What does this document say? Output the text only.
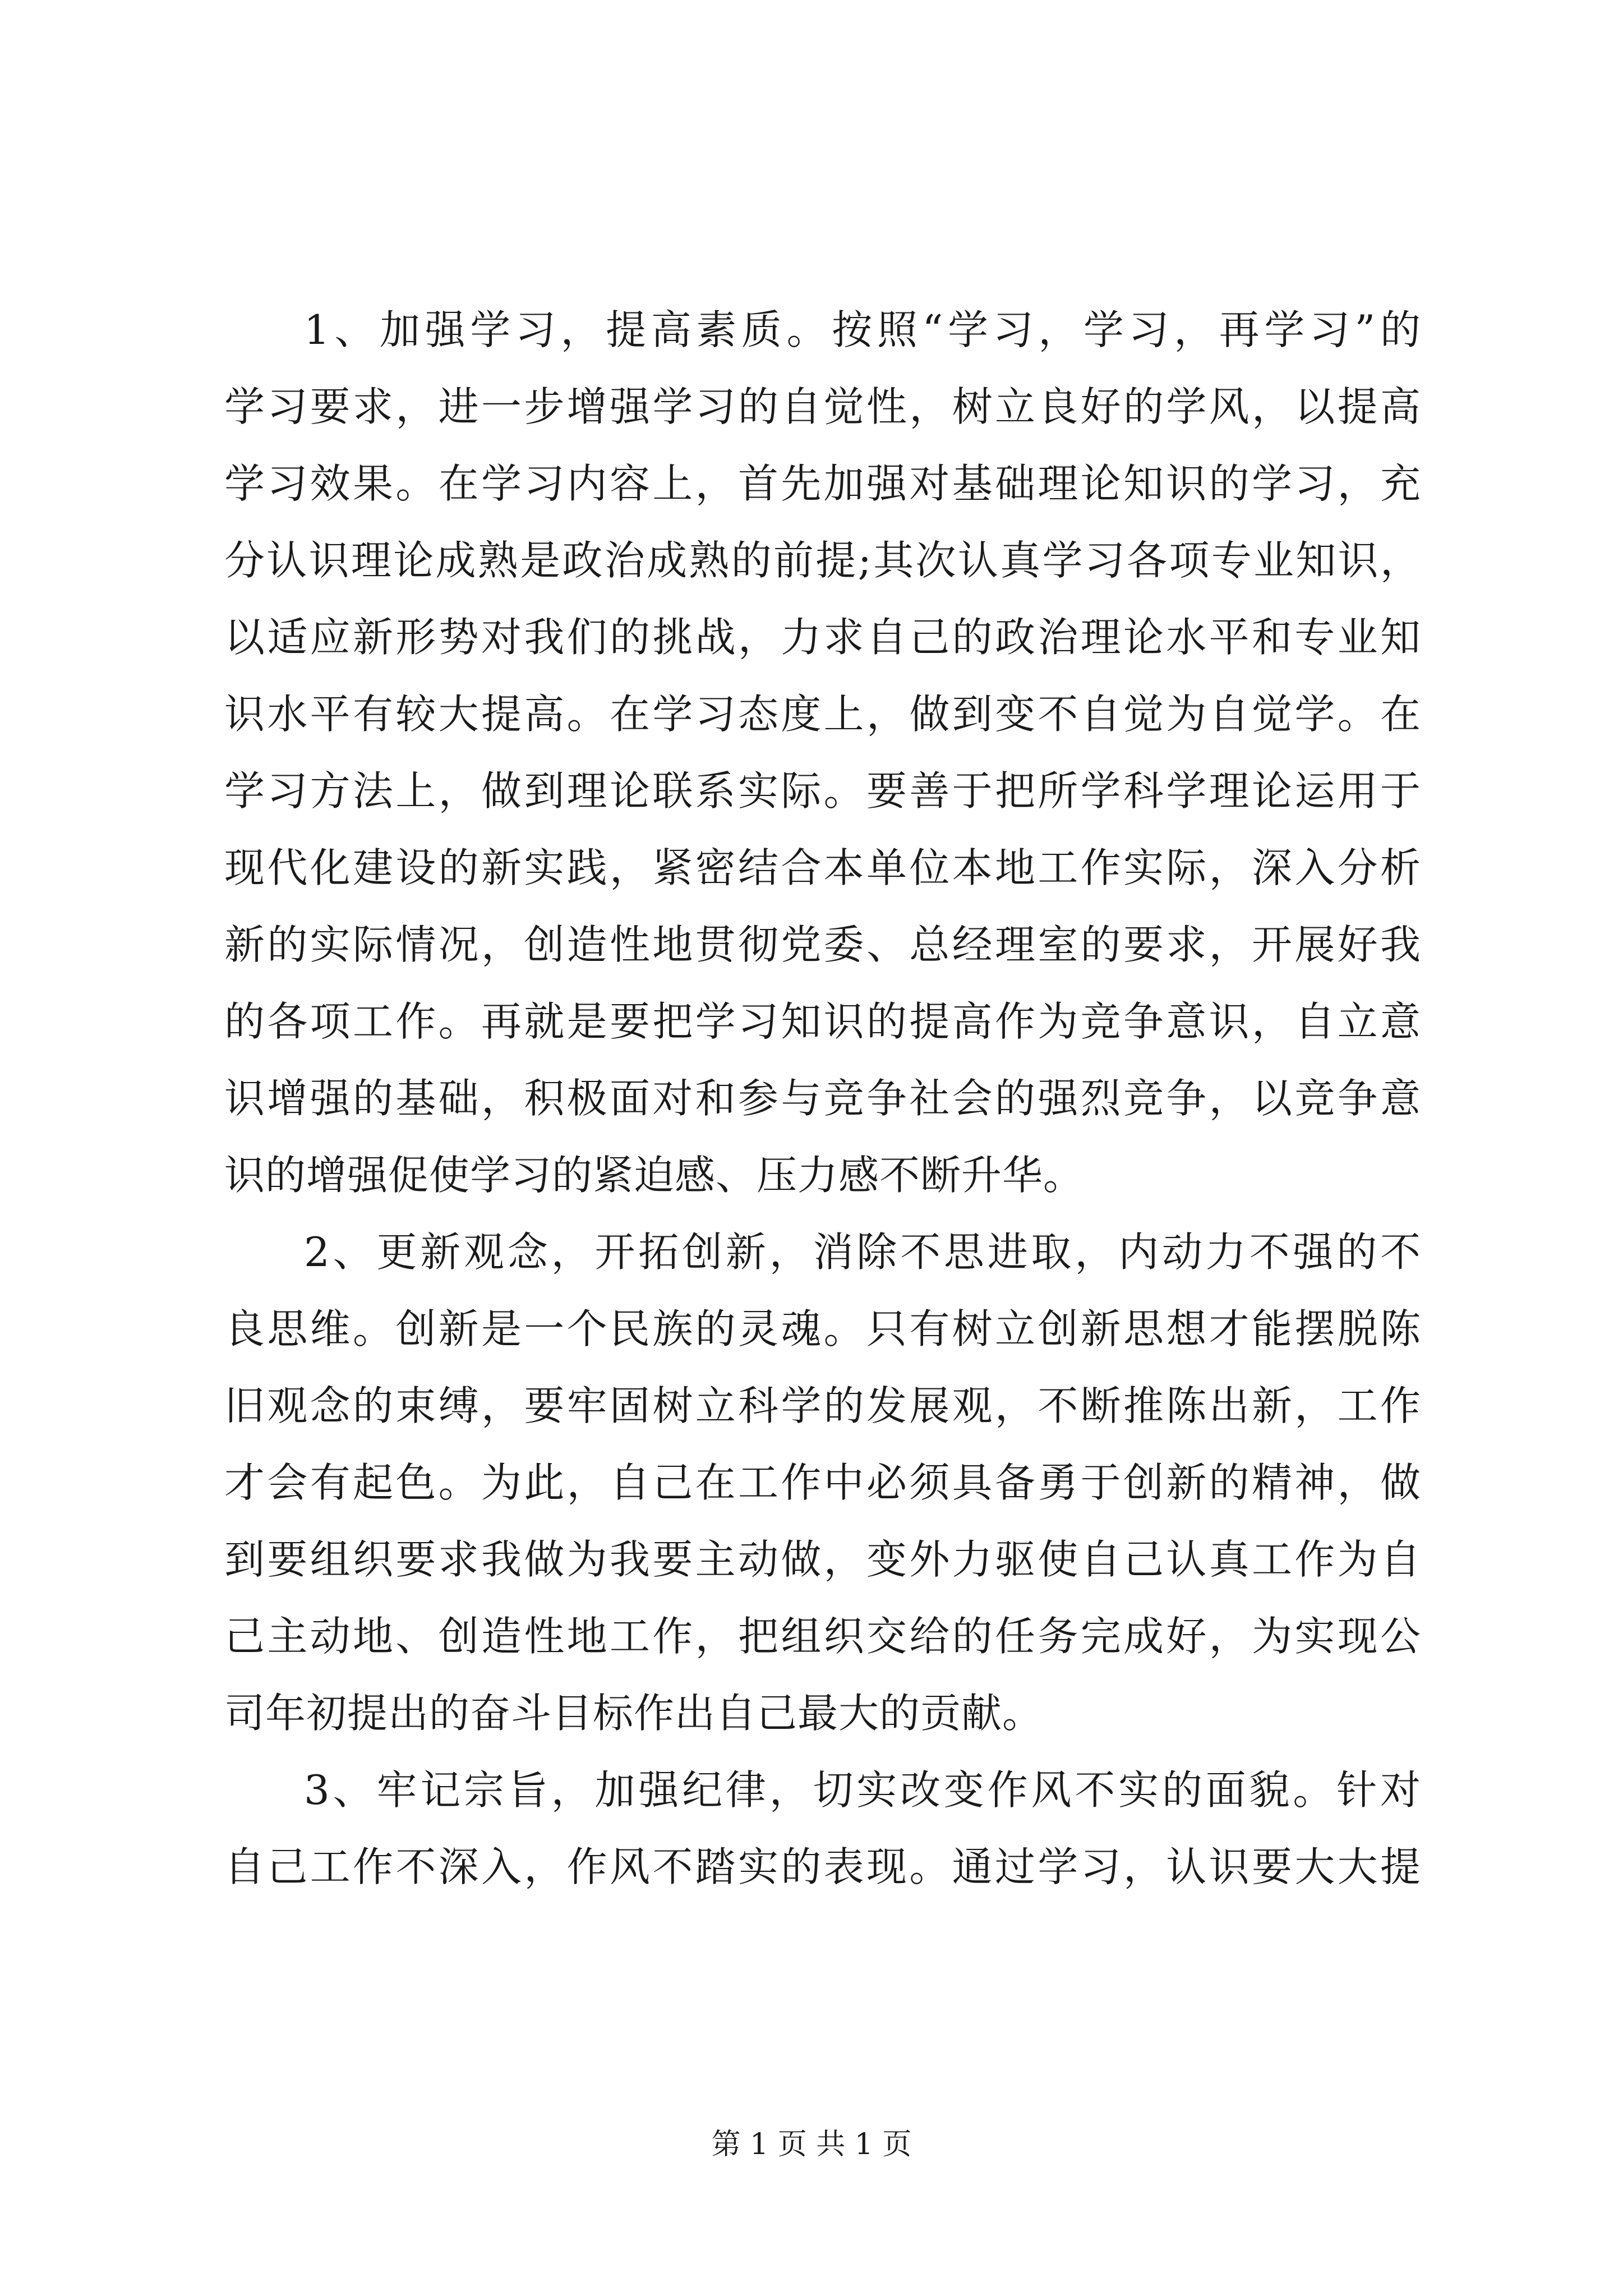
1、加强学习，提高素质。按照“学习，学习，再学习”的
学习要求，进一步增强学习的自觉性，树立良好的学风，以提高
学习效果。在学习内容上，首先加强对基础理论知识的学习，充
分认识理论成熟是政治成熟的前提;其次认真学习各项专业知识，
以适应新形势对我们的挑战，力求自己的政治理论水平和专业知
识水平有较大提高。在学习态度上，做到变不自觉为自觉学。在
学习方法上，做到理论联系实际。要善于把所学科学理论运用于
现代化建设的新实践，紧密结合本单位本地工作实际，深入分析
新的实际情况，创造性地贯彻党委、总经理室的要求，开展好我
的各项工作。再就是要把学习知识的提高作为竞争意识，自立意
识增强的基础，积极面对和参与竞争社会的强烈竞争，以竞争意
识的增强促使学习的紧迫感、压力感不断升华。
2、更新观念，开拓创新，消除不思进取，内动力不强的不
良思维。创新是一个民族的灵魂。只有树立创新思想才能摆脱陈
旧观念的束缚，要牢固树立科学的发展观，不断推陈出新，工作
才会有起色。为此，自己在工作中必须具备勇于创新的精神，做
到要组织要求我做为我要主动做，变外力驱使自己认真工作为自
己主动地、创造性地工作，把组织交给的任务完成好，为实现公
司年初提出的奋斗目标作出自己最大的贡献。
3、牢记宗旨，加强纪律，切实改变作风不实的面貌。针对
自己工作不深入，作风不踏实的表现。通过学习，认识要大大提
第 1 页 共 1 页
